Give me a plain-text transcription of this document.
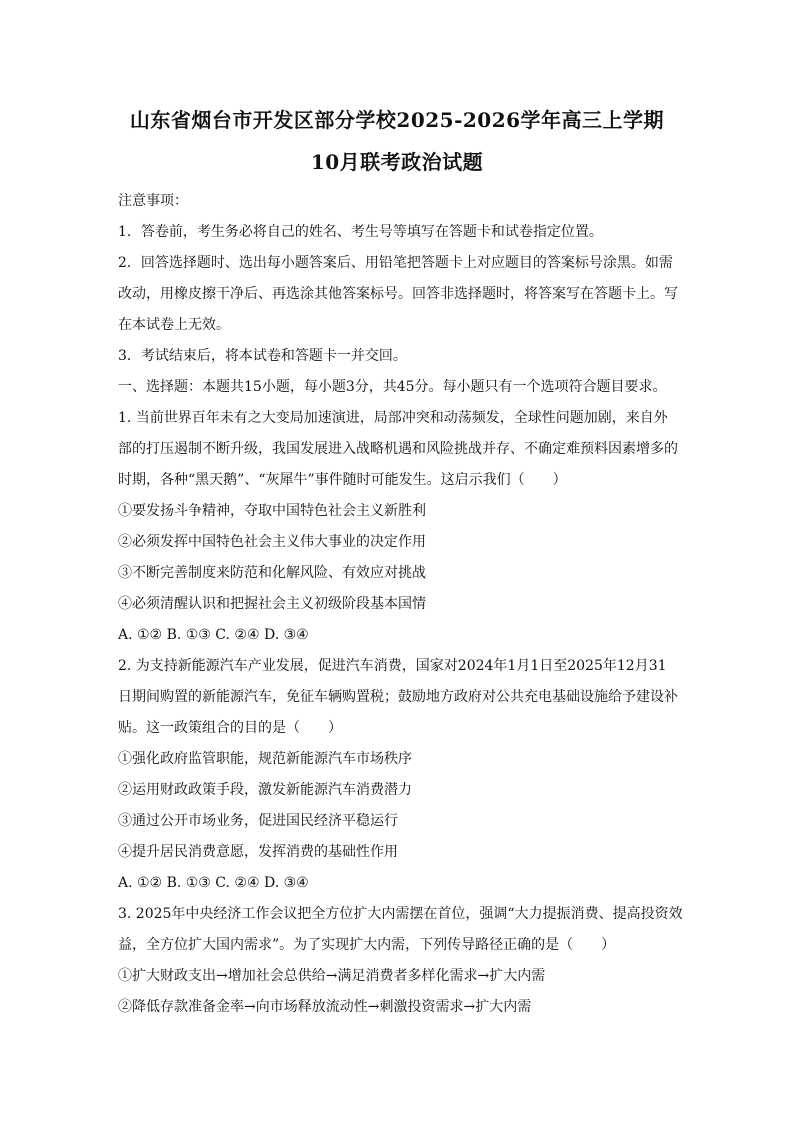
山东省烟台市开发区部分学校2025-2026学年高三上学期
10月联考政治试题
注意事项：
1．答卷前，考生务必将自己的姓名、考生号等填写在答题卡和试卷指定位置。
2．回答选择题时、选出每小题答案后、用铅笔把答题卡上对应题目的答案标号涂黑。如需
改动，用橡皮擦干净后、再选涂其他答案标号。回答非选择题时，将答案写在答题卡上。写
在本试卷上无效。
3．考试结束后，将本试卷和答题卡一并交回。
一、选择题：本题共15小题，每小题3分，共45分。每小题只有一个选项符合题目要求。
1. 当前世界百年未有之大变局加速演进，局部冲突和动荡频发，全球性问题加剧，来自外
部的打压遏制不断升级，我国发展进入战略机遇和风险挑战并存、不确定难预料因素增多的
时期，各种“黑天鹅”、“灰犀牛”事件随时可能发生。这启示我们（　　）
①要发扬斗争精神，夺取中国特色社会主义新胜利
②必须发挥中国特色社会主义伟大事业的决定作用
③不断完善制度来防范和化解风险、有效应对挑战
④必须清醒认识和把握社会主义初级阶段基本国情
A. ①② B. ①③ C. ②④ D. ③④
2. 为支持新能源汽车产业发展，促进汽车消费，国家对2024年1月1日至2025年12月31
日期间购置的新能源汽车，免征车辆购置税；鼓励地方政府对公共充电基础设施给予建设补
贴。这一政策组合的目的是（　　）
①强化政府监管职能，规范新能源汽车市场秩序
②运用财政政策手段，激发新能源汽车消费潜力
③通过公开市场业务，促进国民经济平稳运行
④提升居民消费意愿，发挥消费的基础性作用
A. ①② B. ①③ C. ②④ D. ③④
3. 2025年中央经济工作会议把全方位扩大内需摆在首位，强调“大力提振消费、提高投资效
益，全方位扩大国内需求”。为了实现扩大内需，下列传导路径正确的是（　　）
①扩大财政支出→增加社会总供给→满足消费者多样化需求→扩大内需
②降低存款准备金率→向市场释放流动性→刺激投资需求→扩大内需
